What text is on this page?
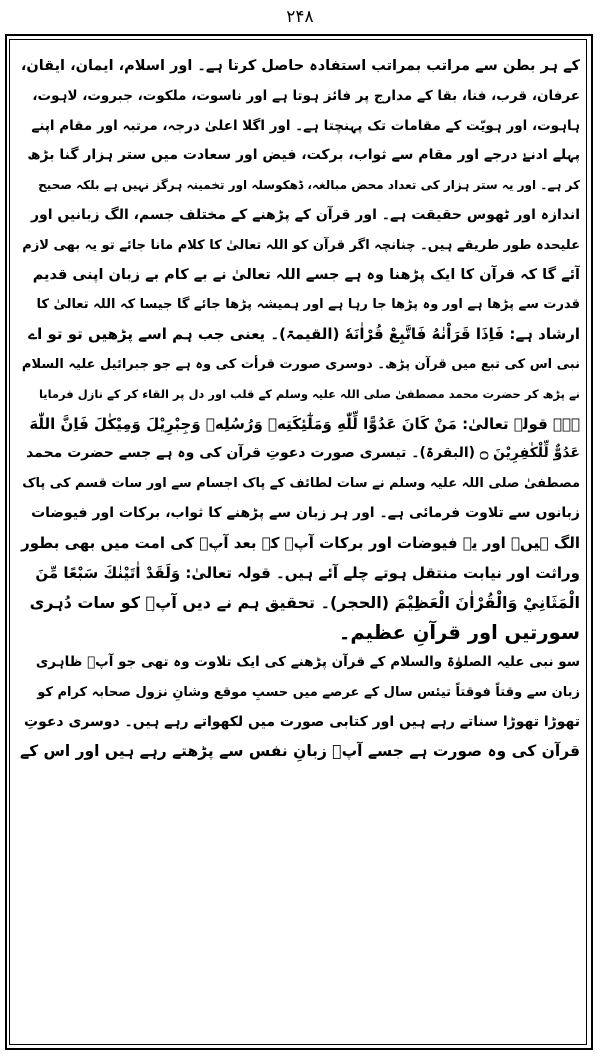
۲۴۸
کے ہر بطن سے مراتب بمراتب استفادہ حاصل کرتا ہے۔ اور اسلام، ایمان، ایقان،
عرفان، قرب، فنا، بقا کے مدارج پر فائز ہوتا ہے اور ناسوت، ملکوت، جبروت، لاہوت،
ہاہوت، اور ہویّت کے مقامات تک پہنچتا ہے۔ اور اگلا اعلیٰ درجہ، مرتبہ اور مقام اپنے
پہلے ادنےٰ درجے اور مقام سے ثواب، برکت، فیض اور سعادت میں ستر ہزار گنا بڑھ
کر ہے۔ اور یہ ستر ہزار کی تعداد محض مبالغہ، ڈھکوسلہ اور تخمینہ ہرگز نہیں ہے بلکہ صحیح
اندازہ اور ٹھوس حقیقت ہے۔ اور قرآن کے پڑھنے کے مختلف جسم، الگ زبانیں اور
علیحدہ طور طریقے ہیں۔ چنانچہ اگر قرآن کو اللہ تعالیٰ کا کلام مانا جائے تو یہ بھی لازم
آئے گا کہ قرآن کا ایک پڑھنا وہ ہے جسے اللہ تعالیٰ نے بے کام بے زبان اپنی قدیم
قدرت سے پڑھا ہے اور وہ پڑھا جا رہا ہے اور ہمیشہ پڑھا جائے گا جیسا کہ اللہ تعالیٰ کا
ارشاد ہے: فَاِذَا قَرَاْنٰهُ فَاتَّبِعْ قُرْاٰنَهٗ (القیمۃ)۔ یعنی جب ہم اسے پڑھیں تو تو اے
نبی اس کی تبع میں قرآن پڑھ۔ دوسری صورت قرأت کی وہ ہے جو جبرائیل علیہ السلام
نے پڑھ کر حضرت محمد مصطفیٰ صلی اللہ علیہ وسلم کے قلب اور دل پر القاء کر کے نازل فرمایا
ہے۔ قولہ تعالیٰ: مَنْ كَانَ عَدُوًّا لِّلّٰهِ وَمَلٰٓئِكَتِهٖ وَرُسُلِهٖ وَجِبْرِيْلَ وَمِيْكٰلَ فَاِنَّ اللّٰهَ
عَدُوٌّ لِّلْكٰفِرِيْنَ ۝ (البقرۃ)۔ تیسری صورت دعوتِ قرآن کی وہ ہے جسے حضرت محمد
مصطفیٰ صلی اللہ علیہ وسلم نے سات لطائف کے پاک اجسام سے اور سات قسم کی پاک
زبانوں سے تلاوت فرمائی ہے۔ اور ہر زبان سے پڑھنے کا ثواب، برکات اور فیوضات
الگ ہیں۔ اور یہ فیوضات اور برکات آپؐ کے بعد آپؐ کی امت میں بھی بطور
وراثت اور نیابت منتقل ہوتے چلے آئے ہیں۔ قولہ تعالیٰ: وَلَقَدْ اٰتَيْنٰكَ سَبْعًا مِّنَ
الْمَثَانِيْ وَالْقُرْاٰنَ الْعَظِيْمَ (الحجر)۔ تحقیق ہم نے دیں آپؐ کو سات دُہری
سورتیں اور قرآنِ عظیم۔
سو نبی علیہ الصلوٰۃ والسلام کے قرآن پڑھنے کی ایک تلاوت وہ تھی جو آپؐ ظاہری
زبان سے وقتاً فوقتاً تیئس سال کے عرصے میں حسبِ موقع وشانِ نزول صحابہ کرام کو
تھوڑا تھوڑا سناتے رہے ہیں اور کتابی صورت میں لکھواتے رہے ہیں۔ دوسری دعوتِ
قرآن کی وہ صورت ہے جسے آپؐ زبانِ نفس سے پڑھتے رہے ہیں اور اس کے
